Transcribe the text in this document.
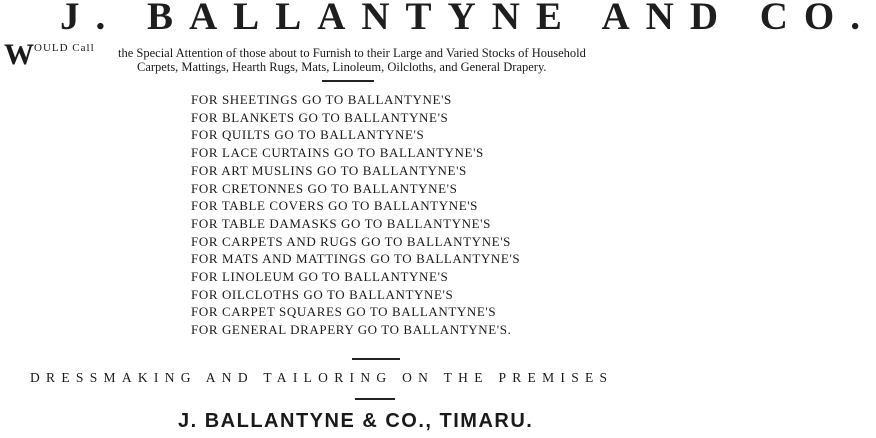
J. BALLANTYNE AND CO.
W OULD Call the Special Attention of those about to Furnish to their Large and Varied Stocks of Household
Carpets, Mattings, Hearth Rugs, Mats, Linoleum, Oilcloths, and General Drapery.
FOR SHEETINGS GO TO BALLANTYNE'S
FOR BLANKETS GO TO BALLANTYNE'S
FOR QUILTS GO TO BALLANTYNE'S
FOR LACE CURTAINS GO TO BALLANTYNE'S
FOR ART MUSLINS GO TO BALLANTYNE'S
FOR CRETONNES GO TO BALLANTYNE'S
FOR TABLE COVERS GO TO BALLANTYNE'S
FOR TABLE DAMASKS GO TO BALLANTYNE'S
FOR CARPETS AND RUGS GO TO BALLANTYNE'S
FOR MATS AND MATTINGS GO TO BALLANTYNE'S
FOR LINOLEUM GO TO BALLANTYNE'S
FOR OILCLOTHS GO TO BALLANTYNE'S
FOR CARPET SQUARES GO TO BALLANTYNE'S
FOR GENERAL DRAPERY GO TO BALLANTYNE'S.
DRESSMAKING AND TAILORING ON THE PREMISES
J. BALLANTYNE & CO., TIMARU.
